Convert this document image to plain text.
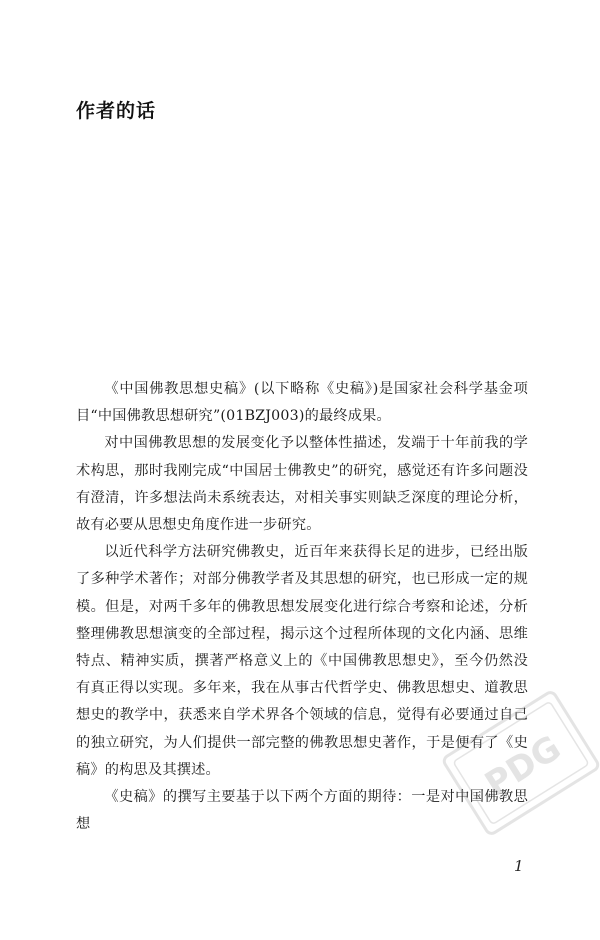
作者的话

《中国佛教思想史稿》(以下略称《史稿》)是国家社会科学基金项目“中国佛教思想研究”(01BZJ003)的最终成果。

对中国佛教思想的发展变化予以整体性描述，发端于十年前我的学术构思，那时我刚完成“中国居士佛教史”的研究，感觉还有许多问题没有澄清，许多想法尚未系统表达，对相关事实则缺乏深度的理论分析，故有必要从思想史角度作进一步研究。

以近代科学方法研究佛教史，近百年来获得长足的进步，已经出版了多种学术著作；对部分佛教学者及其思想的研究，也已形成一定的规模。但是，对两千多年的佛教思想发展变化进行综合考察和论述，分析整理佛教思想演变的全部过程，揭示这个过程所体现的文化内涵、思维特点、精神实质，撰著严格意义上的《中国佛教思想史》，至今仍然没有真正得以实现。多年来，我在从事古代哲学史、佛教思想史、道教思想史的教学中，获悉来自学术界各个领域的信息，觉得有必要通过自己的独立研究，为人们提供一部完整的佛教思想史著作，于是便有了《史稿》的构思及其撰述。

《史稿》的撰写主要基于以下两个方面的期待：一是对中国佛教思想

PDG
1
